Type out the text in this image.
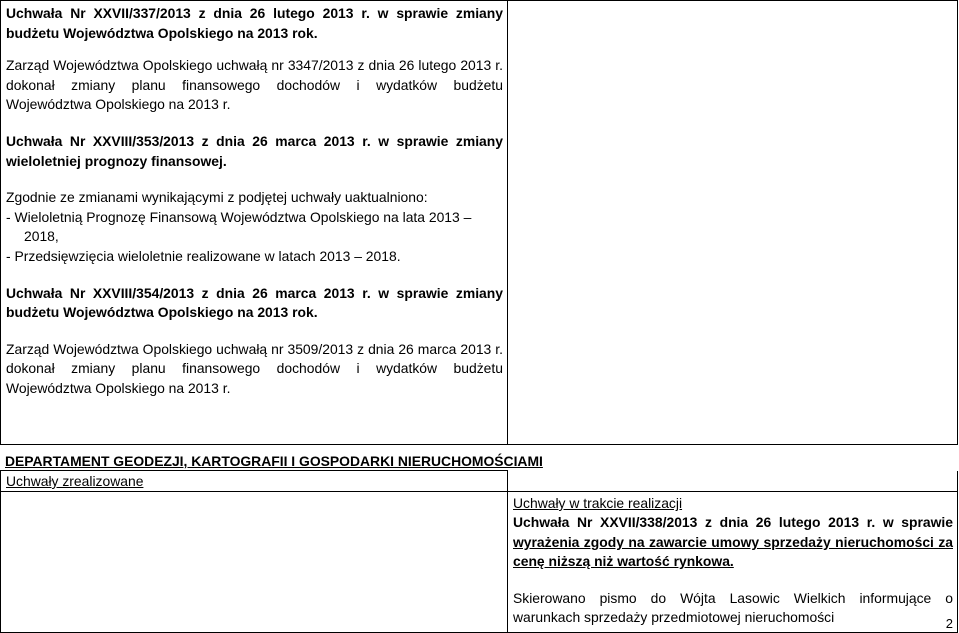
Uchwała Nr XXVII/337/2013 z dnia 26 lutego 2013 r. w sprawie zmiany budżetu Województwa Opolskiego na 2013 rok.

Zarząd Województwa Opolskiego uchwałą nr 3347/2013 z dnia 26 lutego 2013 r. dokonał zmiany planu finansowego dochodów i wydatków budżetu Województwa Opolskiego na 2013 r.

Uchwała Nr XXVIII/353/2013 z dnia 26 marca 2013 r. w sprawie zmiany wieloletniej prognozy finansowej.

Zgodnie ze zmianami wynikającymi z podjętej uchwały uaktualniono:

- Wieloletnią Prognozę Finansową Województwa Opolskiego na lata 2013 –

2018,

- Przedsięwzięcia wieloletnie realizowane w latach 2013 – 2018.

Uchwała Nr XXVIII/354/2013 z dnia 26 marca 2013 r. w sprawie zmiany budżetu Województwa Opolskiego na 2013 rok.

Zarząd Województwa Opolskiego uchwałą nr 3509/2013 z dnia 26 marca 2013 r. dokonał zmiany planu finansowego dochodów i wydatków budżetu Województwa Opolskiego na 2013 r.

DEPARTAMENT GEODEZJI, KARTOGRAFII I GOSPODARKI NIERUCHOMOŚCIAMI
Uchwały zrealizowane	

	Uchwały w trakcie realizacji

Uchwała Nr XXVII/338/2013 z dnia 26 lutego 2013 r. w sprawie wyrażenia zgody na zawarcie umowy sprzedaży nieruchomości za cenę niższą niż wartość rynkowa.

Skierowano pismo do Wójta Lasowic Wielkich informujące o warunkach sprzedaży przedmiotowej nieruchomości	2
